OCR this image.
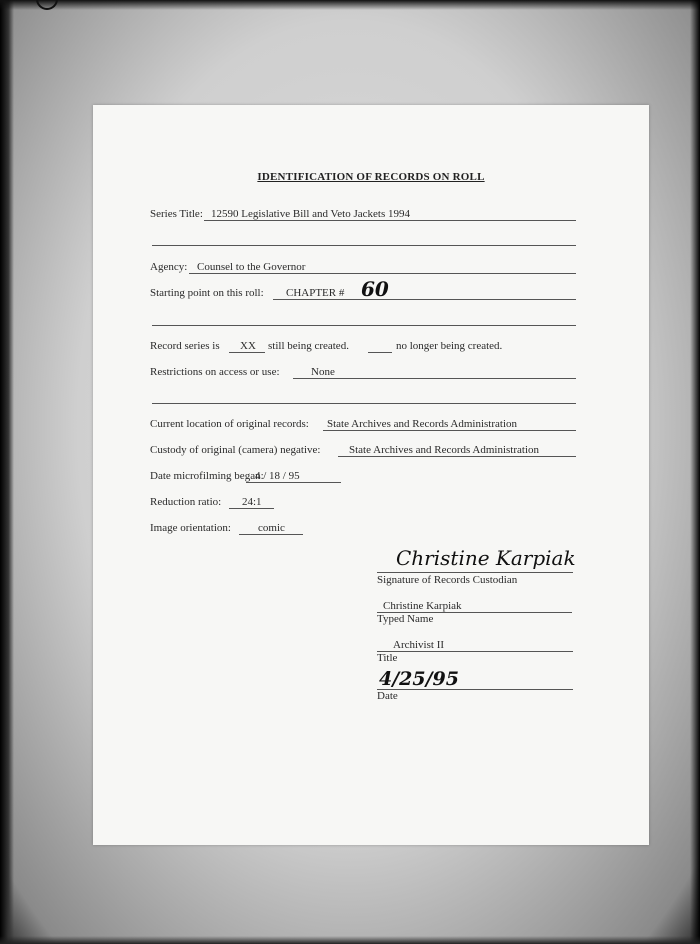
IDENTIFICATION OF RECORDS ON ROLL
Series Title: 12590 Legislative Bill and Veto Jackets 1994
Agency: Counsel to the Governor
Starting point on this roll: CHAPTER # 60
Record series is XX still being created.	no longer being created.
Restrictions on access or use:	None
Current location of original records: State Archives and Records Administration
Custody of original (camera) negative:	State Archives and Records Administration
Date microfilming began:
4 / 18 / 95
Reduction ratio: 24:1
Image orientation: comic
Christine Karpiak
Signature of Records Custodian
Christine Karpiak
Typed Name
Archivist II
Title
4/25/95
Date
